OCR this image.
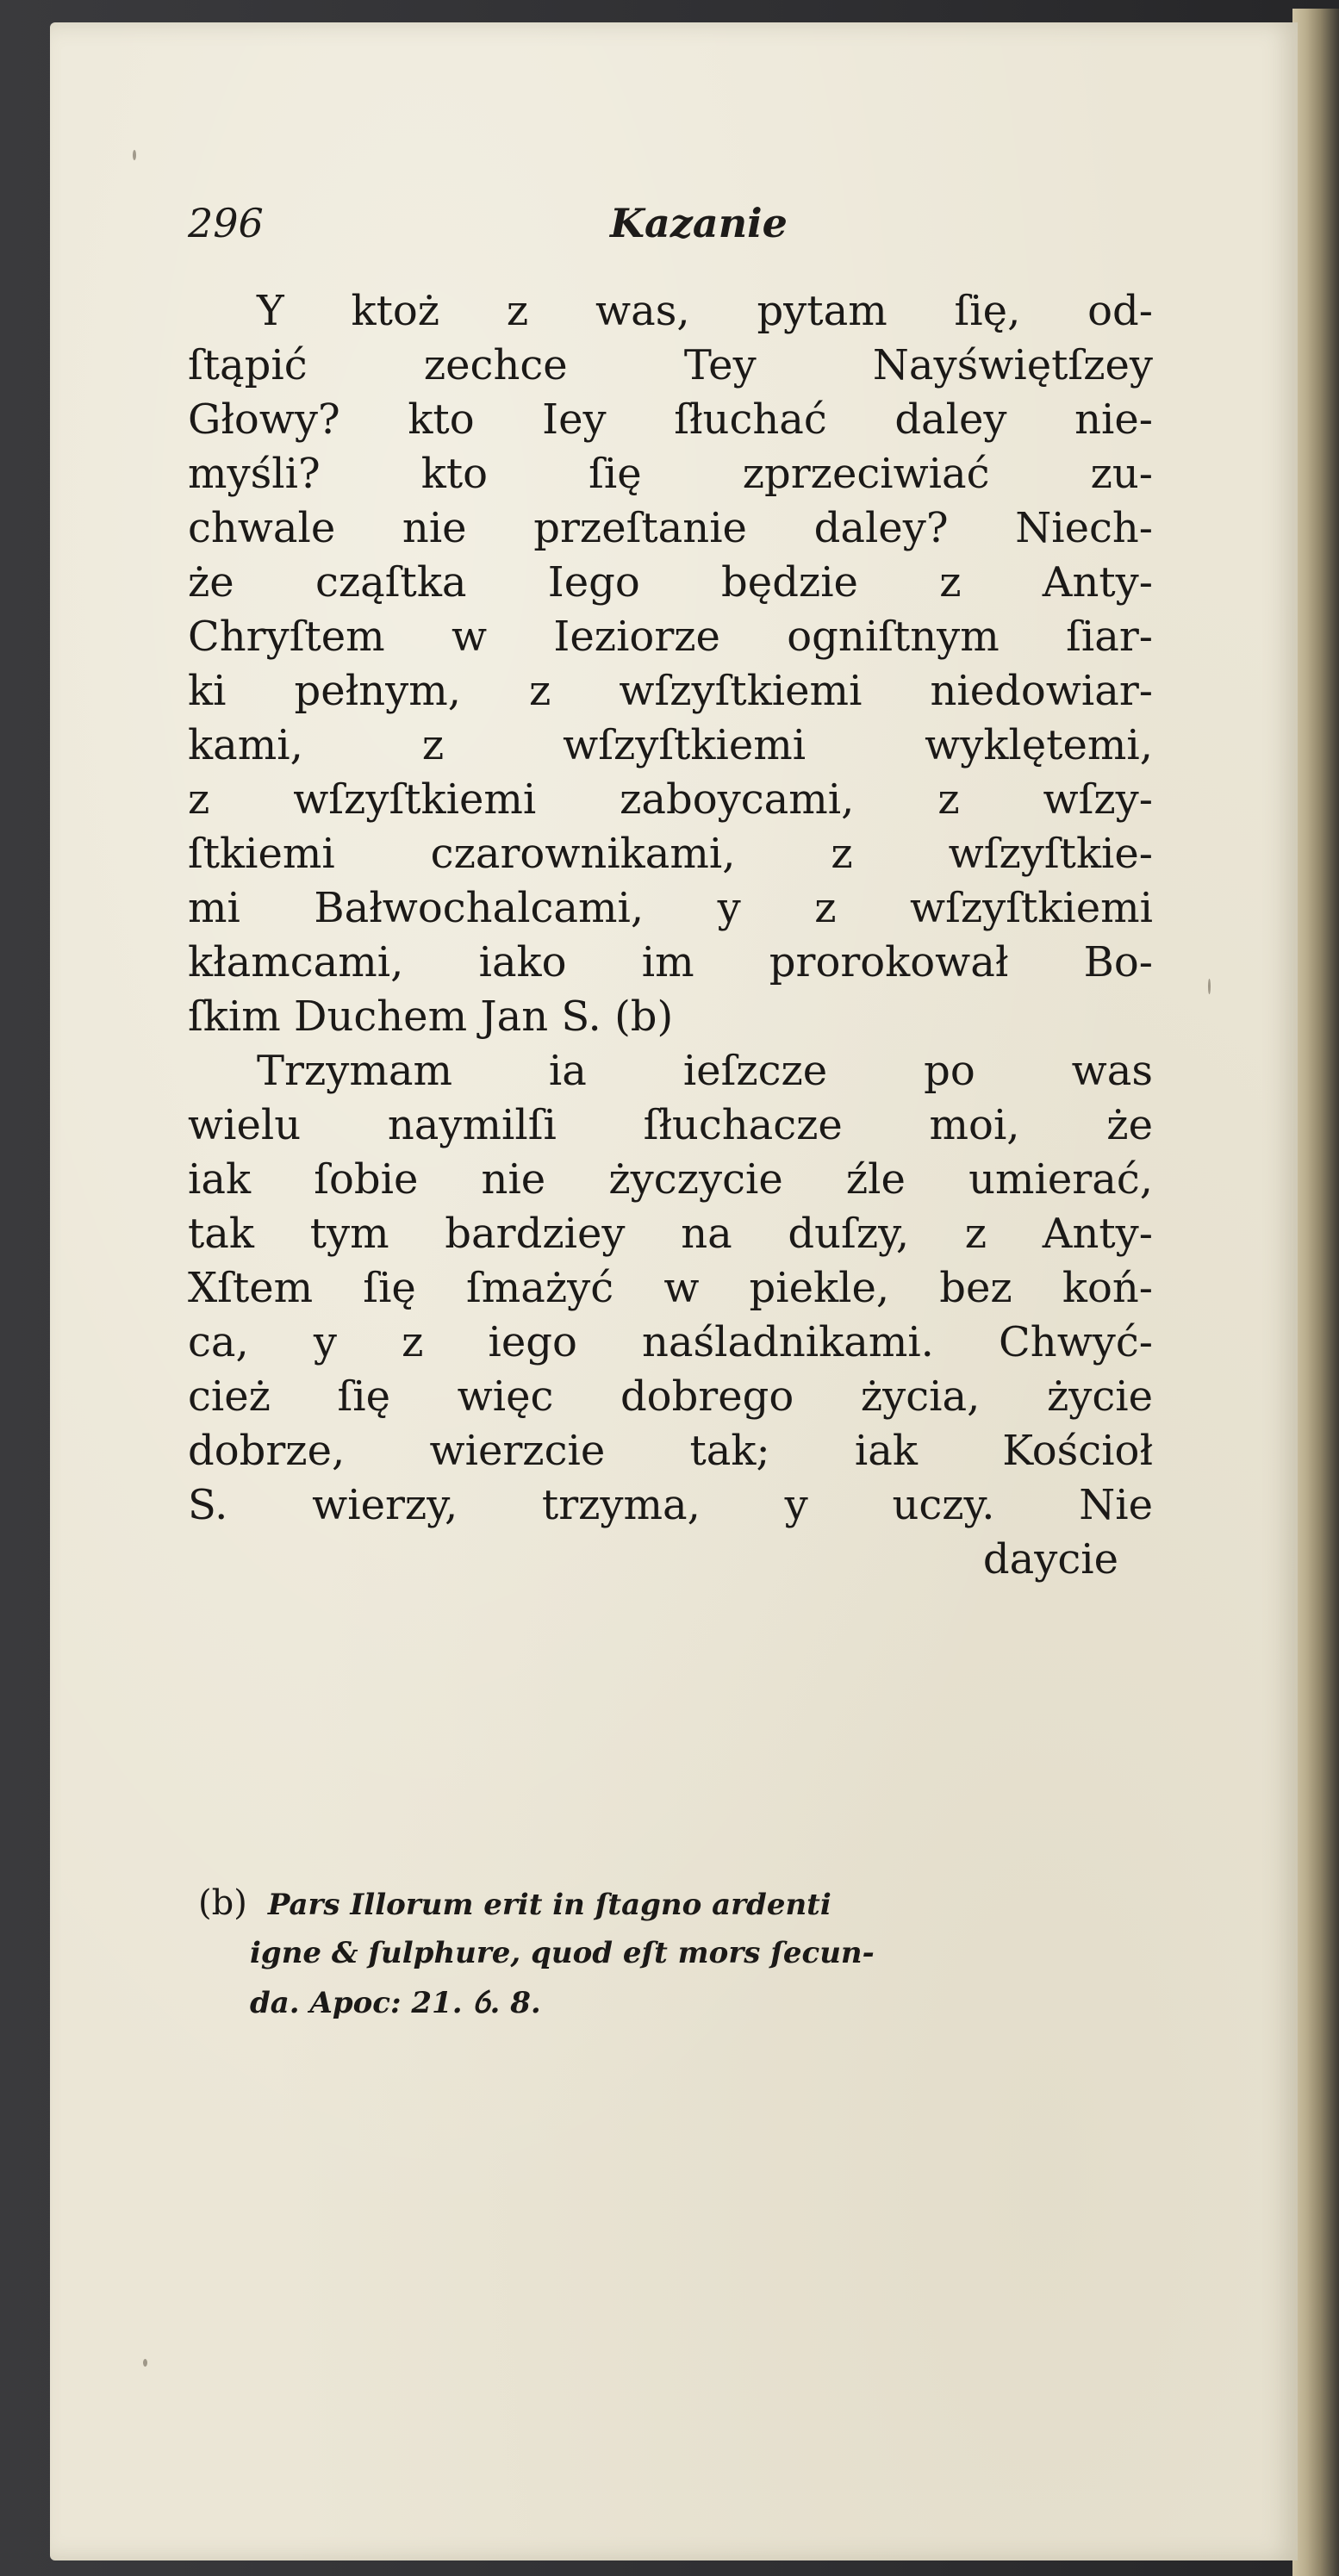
296	Kazanie
Y ktoż z was, pytam ſię, od-
ſtąpić zechce Tey Nayświętſzey
Głowy? kto Iey ſłuchać daley nie-
myśli? kto ſię zprzeciwiać zu-
chwale nie przeſtanie daley? Niech-
że cząſtka Iego będzie z Anty-
Chryſtem w Ieziorze ogniſtnym ſiar-
ki pełnym, z wſzyſtkiemi niedowiar-
kami, z wſzyſtkiemi wyklętemi,
z wſzyſtkiemi zaboycami, z wſzy-
ſtkiemi czarownikami, z wſzyſtkie-
mi Bałwochalcami, y z wſzyſtkiemi
kłamcami, iako im prorokował Bo-
ſkim Duchem Jan S. (b)
Trzymam ia ieſzcze po was
wielu naymilſi ſłuchacze moi, że
iak ſobie nie życzycie źle umierać,
tak tym bardziey na duſzy, z Anty-
Xſtem ſię ſmażyć w piekle, bez koń-
ca, y z iego naśladnikami. Chwyć-
cież ſię więc dobrego życia, życie
dobrze, wierzcie tak; iak Kościoł
S. wierzy, trzyma, y uczy. Nie
daycie
(b) Pars Illorum erit in ſtagno ardenti
igne & ſulphure, quod eſt mors ſecun-
da. Apoc: 21. ỽ. 8.
